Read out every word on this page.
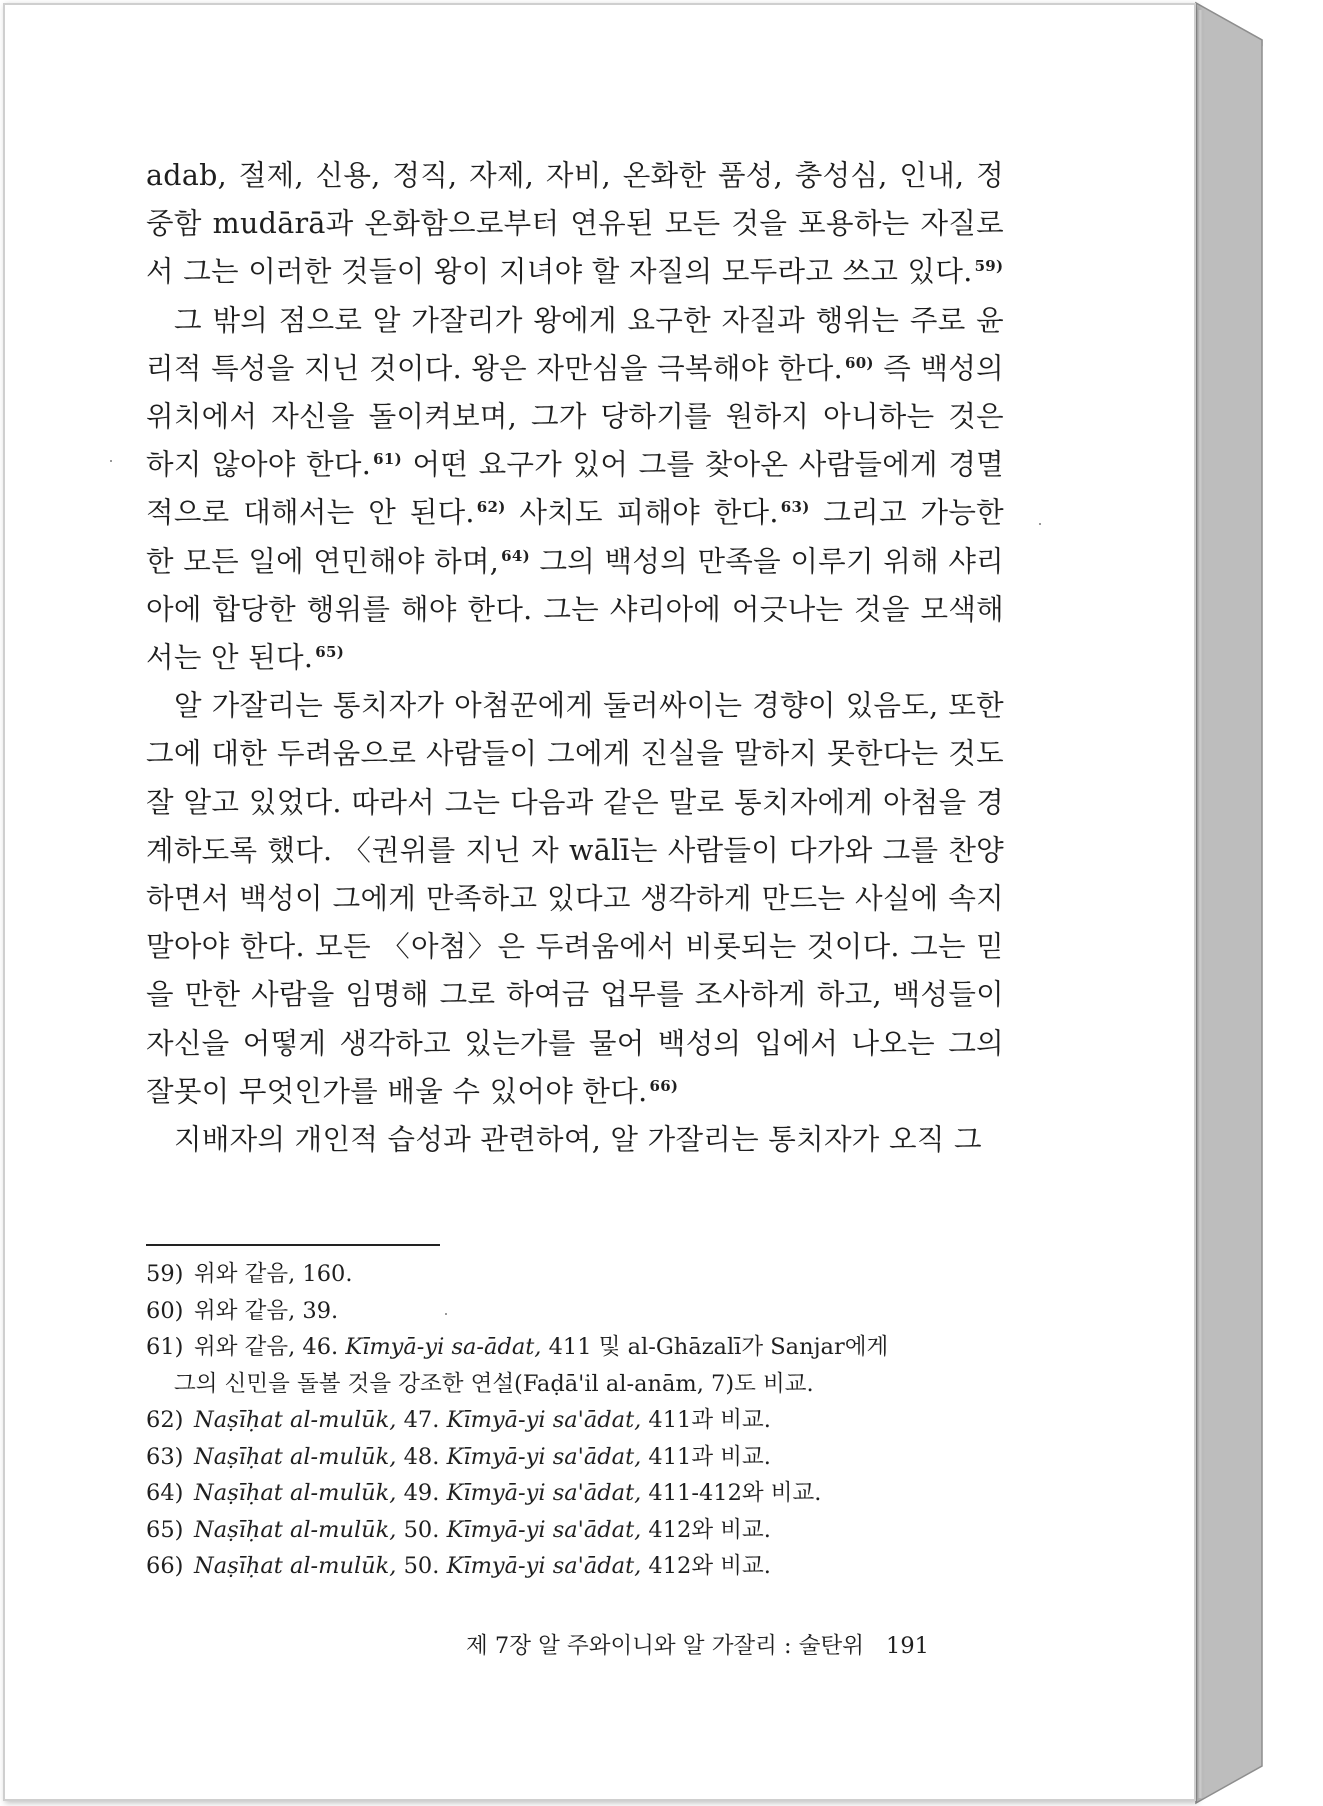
adab, 절제, 신용, 정직, 자제, 자비, 온화한 품성, 충성심, 인내, 정중함 mudārā과 온화함으로부터 연유된 모든 것을 포용하는 자질로서 그는 이러한 것들이 왕이 지녀야 할 자질의 모두라고 쓰고 있다. $^{59)}$

그 밖의 점으로 알 가잘리가 왕에게 요구한 자질과 행위는 주로 윤리적 특성을 지닌 것이다. 왕은 자만심을 극복해야 한다. $^{60)}$ 즉 백성의 위치에서 자신을 돌이켜보며, 그가 당하기를 원하지 아니하는 것은 하지 않아야 한다. $^{61)}$ 어떤 요구가 있어 그를 찾아온 사람들에게 경멸적으로 대해서는 안 된다. $^{62)}$ 사치도 피해야 한다. $^{63)}$ 그리고 가능한 한 모든 일에 연민해야 하며, $^{64)}$ 그의 백성의 만족을 이루기 위해 샤리아에 합당한 행위를 해야 한다. 그는 샤리아에 어긋나는 것을 모색해서는 안 된다. $^{65)}$

알 가잘리는 통치자가 아첨꾼에게 둘러싸이는 경향이 있음도, 또한 그에 대한 두려움으로 사람들이 그에게 진실을 말하지 못한다는 것도 잘 알고 있었다. 따라서 그는 다음과 같은 말로 통치자에게 아첨을 경계하도록 했다. 〈권위를 지닌 자 wālī는 사람들이 다가와 그를 찬양하면서 백성이 그에게 만족하고 있다고 생각하게 만드는 사실에 속지 말아야 한다. 모든 〈아첨〉은 두려움에서 비롯되는 것이다. 그는 믿을 만한 사람을 임명해 그로 하여금 업무를 조사하게 하고, 백성들이 자신을 어떻게 생각하고 있는가를 물어 백성의 입에서 나오는 그의 잘못이 무엇인가를 배울 수 있어야 한다. $^{66)}$

지배자의 개인적 습성과 관련하여, 알 가잘리는 통치자가 오직 그

59) 위와 같음, 160.
60) 위와 같음, 39.
61) 위와 같음, 46. Kīmyā-yi sa-ādat, 411 및 al-Ghāzalī가 Sanjar에게
그의 신민을 돌볼 것을 강조한 연설(Faḍā'il al-anām, 7)도 비교.
62) Naṣīḥat al-mulūk, 47. Kīmyā-yi sa'ādat, 411과 비교.
63) Naṣīḥat al-mulūk, 48. Kīmyā-yi sa'ādat, 411과 비교.
64) Naṣīḥat al-mulūk, 49. Kīmyā-yi sa'ādat, 411-412와 비교.
65) Naṣīḥat al-mulūk, 50. Kīmyā-yi sa'ādat, 412와 비교.
66) Naṣīḥat al-mulūk, 50. Kīmyā-yi sa'ādat, 412와 비교.
제 7장 알 주와이니와 알 가잘리 : 술탄위 191
